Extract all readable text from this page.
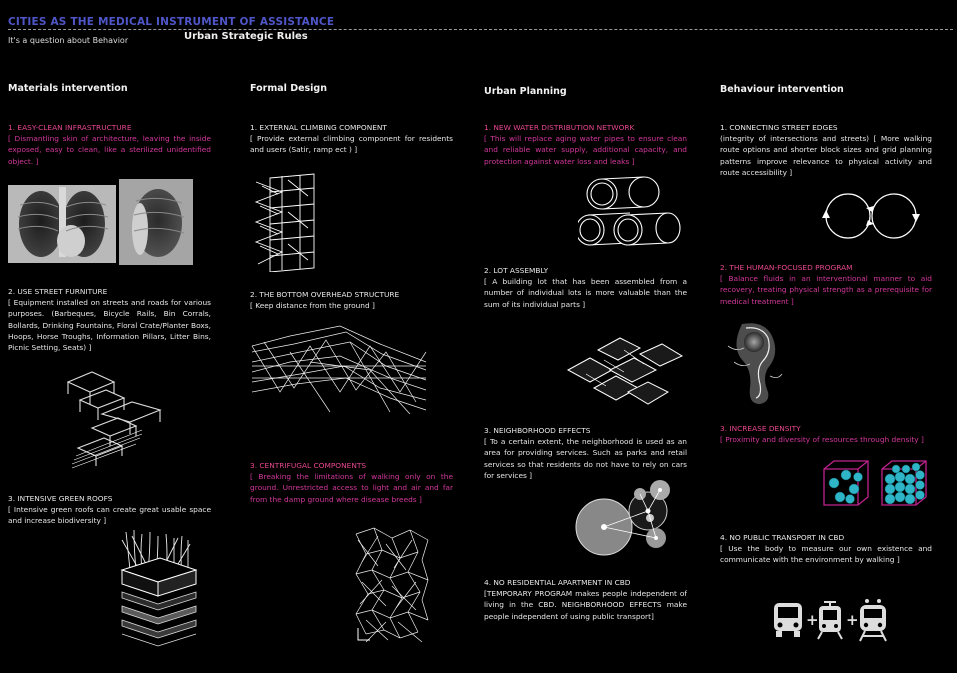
CITIES AS THE MEDICAL INSTRUMENT OF ASSISTANCE
It's a question about Behavior	Urban Strategic Rules
Materials intervention	Formal Design	Urban Planning	Behaviour intervention
1. EASY-CLEAN INFRASTRUCTURE
[ Dismantling skin of architecture, leaving the inside exposed, easy to clean, like a sterilized unidentified object. ]
2. USE STREET FURNITURE
[ Equipment installed on streets and roads for various purposes. (Barbeques, Bicycle Rails, Bin Corrals, Bollards, Drinking Fountains, Floral Crate/Planter Boxs, Hoops, Horse Troughs, Information Pillars, Litter Bins, Picnic Setting, Seats) ]
3. INTENSIVE GREEN ROOFS
[ Intensive green roofs can create great usable space and increase biodiversity ]
1. EXTERNAL CLIMBING COMPONENT
[ Provide external climbing component for residents and users (Satir, ramp ect ) ]
2. THE BOTTOM OVERHEAD STRUCTURE
[ Keep distance from the ground ]
3. CENTRIFUGAL COMPONENTS
[ Breaking the limitations of walking only on the ground. Unrestricted access to light and air and far from the damp ground where disease breeds ]
1. NEW WATER DISTRIBUTION NETWORK
[ This will replace aging water pipes to ensure clean and reliable water supply, additional capacity, and protection against water loss and leaks ]
2. LOT ASSEMBLY
[ A building lot that has been assembled from a number of individual lots is more valuable than the sum of its individual parts ]
3. NEIGHBORHOOD EFFECTS
[ To a certain extent, the neighborhood is used as an area for providing services. Such as parks and retail services so that residents do not have to rely on cars for services ]
4. NO RESIDENTIAL APARTMENT IN CBD
[TEMPORARY PROGRAM makes people independent of living in the CBD. NEIGHBORHOOD EFFECTS make people independent of using public transport]
1. CONNECTING STREET EDGES
(integrity of intersections and streets) [ More walking route options and shorter block sizes and grid planning patterns improve relevance to physical activity and route accessibility ]
2. THE HUMAN-FOCUSED PROGRAM
[ Balance fluids in an interventional manner to aid recovery, treating physical strength as a prerequisite for medical treatment ]
3. INCREASE DENSITY
[ Proximity and diversity of resources through density ]
4. NO PUBLIC TRANSPORT IN CBD
[ Use the body to measure our own existence and communicate with the environment by walking ]
+ +
